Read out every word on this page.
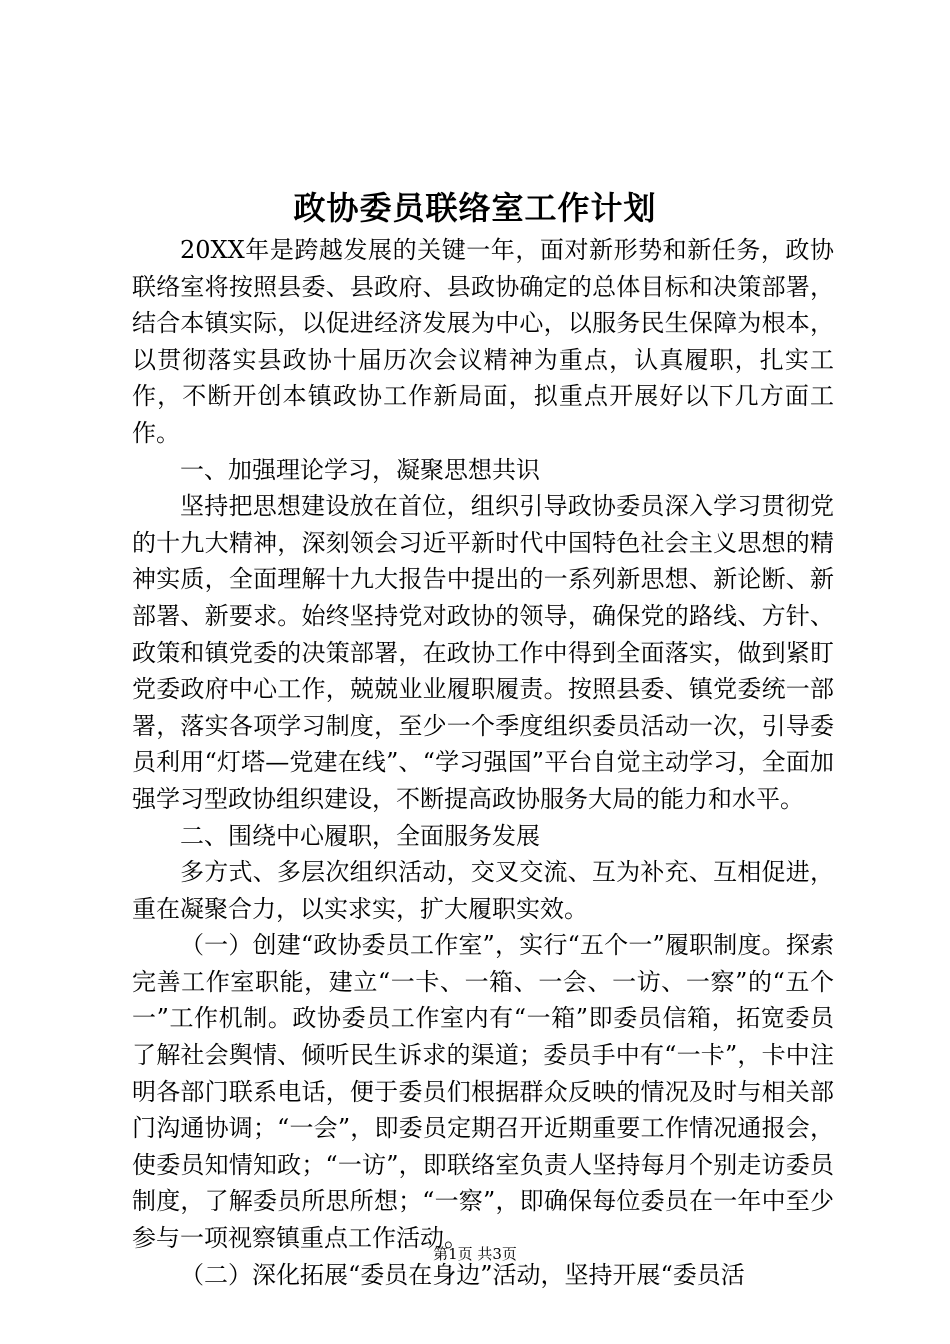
政协委员联络室工作计划

20XX年是跨越发展的关键一年，面对新形势和新任务，政协联络室将按照县委、县政府、县政协确定的总体目标和决策部署，结合本镇实际，以促进经济发展为中心，以服务民生保障为根本，以贯彻落实县政协十届历次会议精神为重点，认真履职，扎实工作，不断开创本镇政协工作新局面，拟重点开展好以下几方面工作。

一、加强理论学习，凝聚思想共识

坚持把思想建设放在首位，组织引导政协委员深入学习贯彻党的十九大精神，深刻领会习近平新时代中国特色社会主义思想的精神实质，全面理解十九大报告中提出的一系列新思想、新论断、新部署、新要求。始终坚持党对政协的领导，确保党的路线、方针、政策和镇党委的决策部署，在政协工作中得到全面落实，做到紧盯党委政府中心工作，兢兢业业履职履责。按照县委、镇党委统一部署，落实各项学习制度，至少一个季度组织委员活动一次，引导委员利用“灯塔—党建在线”、“学习强国”平台自觉主动学习，全面加强学习型政协组织建设，不断提高政协服务大局的能力和水平。

二、围绕中心履职，全面服务发展

多方式、多层次组织活动，交叉交流、互为补充、互相促进，重在凝聚合力，以实求实，扩大履职实效。

（一）创建“政协委员工作室”，实行“五个一”履职制度。探索完善工作室职能，建立“一卡、一箱、一会、一访、一察”的“五个一”工作机制。政协委员工作室内有“一箱”即委员信箱，拓宽委员了解社会舆情、倾听民生诉求的渠道；委员手中有“一卡”，卡中注明各部门联系电话，便于委员们根据群众反映的情况及时与相关部门沟通协调；“一会”，即委员定期召开近期重要工作情况通报会，使委员知情知政；“一访”，即联络室负责人坚持每月个别走访委员制度，了解委员所思所想；“一察”，即确保每位委员在一年中至少参与一项视察镇重点工作活动。

（二）深化拓展“委员在身边”活动，坚持开展“委员活

第1页 共3页
